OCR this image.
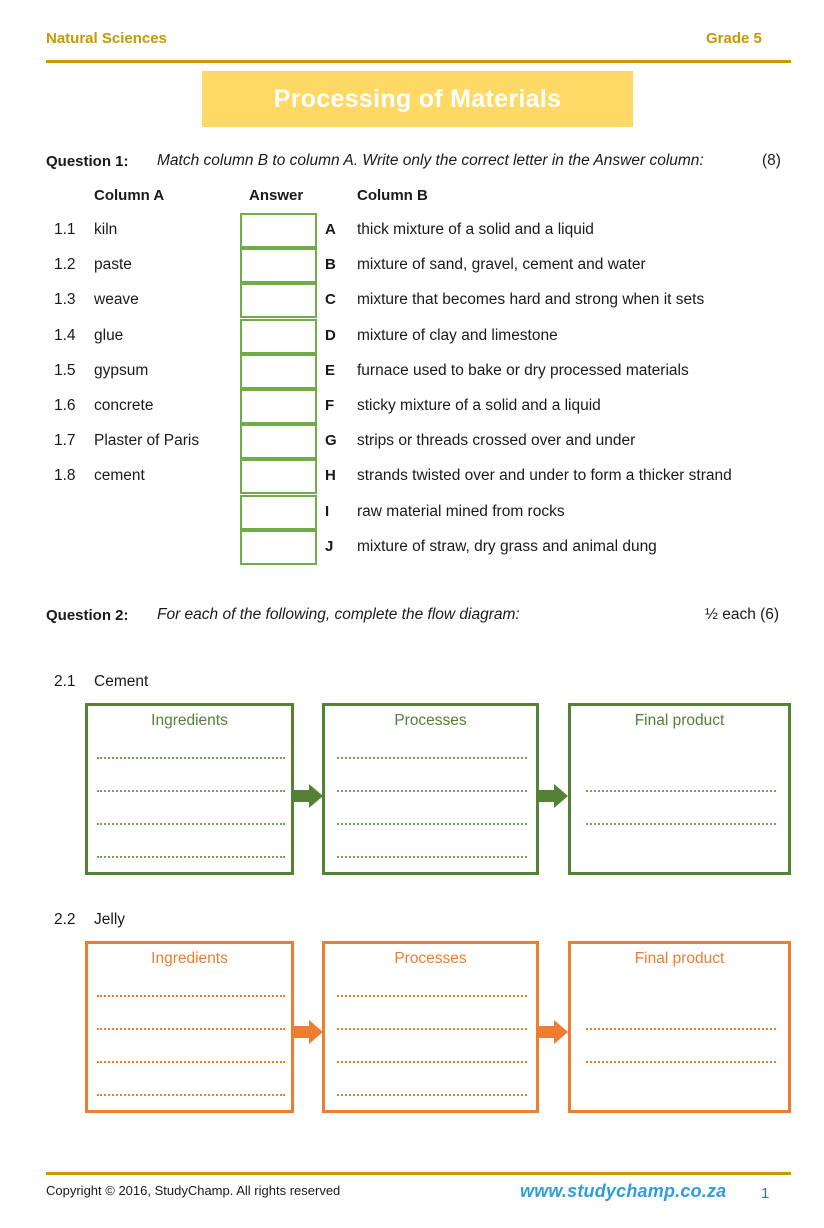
Natural Sciences	Grade 5
Processing of Materials
Question 1: Match column B to column A. Write only the correct letter in the Answer column:	(8)
Column A	Answer	Column B
1.1 kiln	A thick mixture of a solid and a liquid
1.2 paste	B mixture of sand, gravel, cement and water
1.3 weave	C mixture that becomes hard and strong when it sets
1.4 glue	D mixture of clay and limestone
1.5 gypsum	E furnace used to bake or dry processed materials
1.6 concrete	F sticky mixture of a solid and a liquid
1.7 Plaster of Paris	G strips or threads crossed over and under
1.8 cement	H strands twisted over and under to form a thicker strand
I raw material mined from rocks
J mixture of straw, dry grass and animal dung
Question 2: For each of the following, complete the flow diagram:	½ each (6)
2.1 Cement
Ingredients	Processes	Final product
2.2 Jelly
Ingredients	Processes	Final product
Copyright © 2016, StudyChamp. All rights reserved	www.studychamp.co.za 1
